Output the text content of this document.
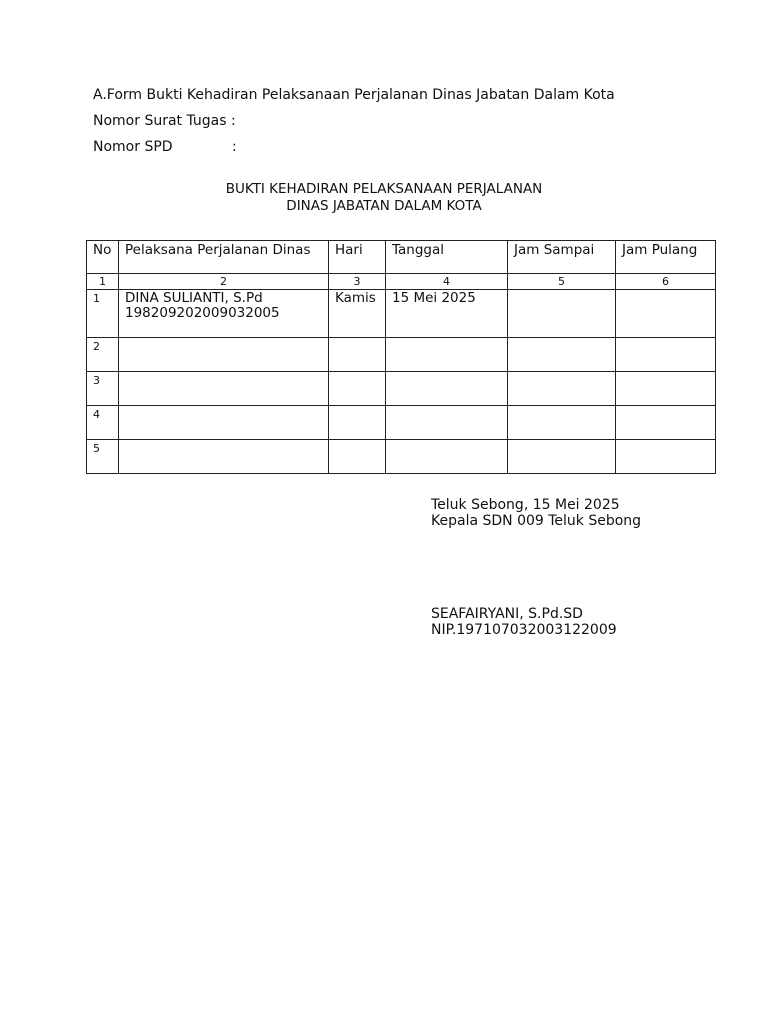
A.Form Bukti Kehadiran Pelaksanaan Perjalanan Dinas Jabatan Dalam Kota
Nomor Surat Tugas :
Nomor SPD	:
BUKTI KEHADIRAN PELAKSANAAN PERJALANAN
DINAS JABATAN DALAM KOTA
No	Pelaksana Perjalanan Dinas	Hari	Tanggal	Jam Sampai	Jam Pulang
1	2	3	4	5	6
1	DINA SULIANTI, S.Pd
198209202009032005	Kamis	15 Mei 2025		
2					
3					
4					
5					
Teluk Sebong, 15 Mei 2025
Kepala SDN 009 Teluk Sebong
SEAFAIRYANI, S.Pd.SD
NIP.197107032003122009
